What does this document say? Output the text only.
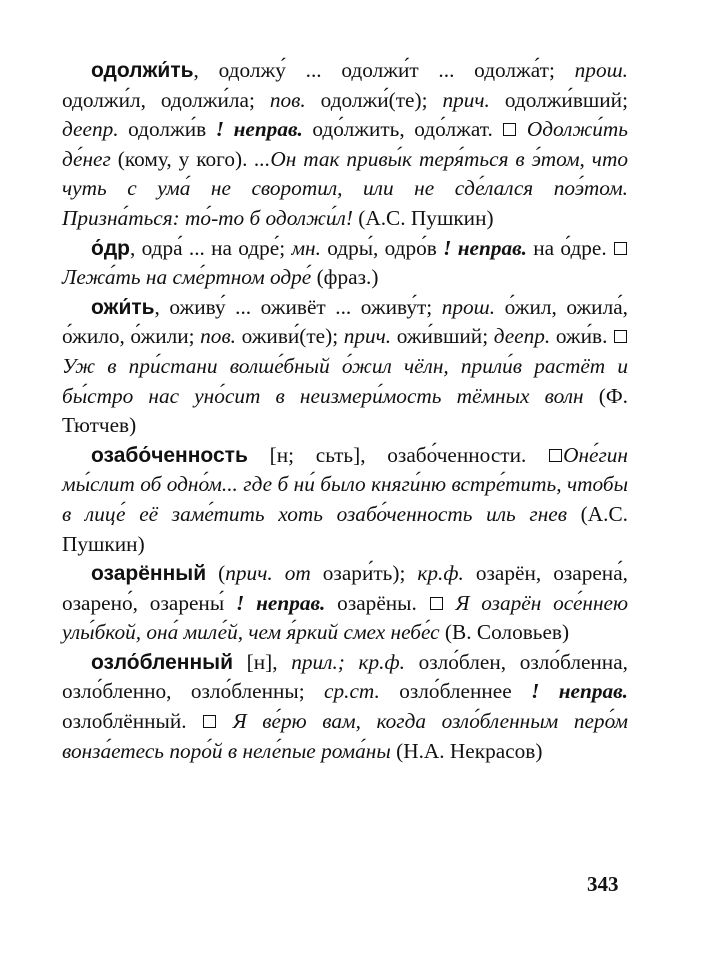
одолжи́ть, одолжу́ ... одолжи́т ... одолжа́т; прош. одолжи́л, одолжи́ла; пов. одолжи́(те); прич. одолжи́вший; деепр. одолжи́в ! неправ. одо́лжить, одо́лжат.  Одолжи́ть де́нег (кому, у кого). ...Он так привы́к теря́ться в э́том, что чуть с ума́ не своротил, или не сде́лался поэ́том. Призна́ться: то́-то б одолжи́л! (А.С. Пушкин)

о́др, одра́ ... на одре́; мн. одры́, одро́в ! неправ. на о́дре.  Лежа́ть на сме́ртном одре́ (фраз.)

ожи́ть, оживу́ ... оживёт ... оживу́т; прош. о́жил, ожила́, о́жило, о́жили; пов. оживи́(те); прич. ожи́вший; деепр. ожи́в.  Уж в при́стани волше́бный о́жил чёлн, прили́в растёт и бы́стро нас уно́сит в неизмери́мость тёмных волн (Ф. Тютчев)

озабо́ченность [н; сьть], озабо́ченности. Оне́гин мы́слит об одно́м... где б ни́ было княги́ню встре́тить, чтобы в лице́ её заме́тить хоть озабо́ченность иль гнев (А.С. Пушкин)

озарённый (прич. от озари́ть); кр.ф. озарён, озарена́, озарено́, озарены́ ! неправ. озарёны.  Я озарён осе́ннею улы́бкой, она́ миле́й, чем я́ркий смех небе́с (В. Соловьев)

озло́бленный [н], прил.; кр.ф. озло́блен, озло́бленна, озло́бленно, озло́бленны; ср.ст. озло́бленнее ! неправ. озлоблённый.  Я ве́рю вам, когда озло́бленным перо́м вонза́етесь поро́й в неле́пые рома́ны (Н.А. Некрасов)

343
